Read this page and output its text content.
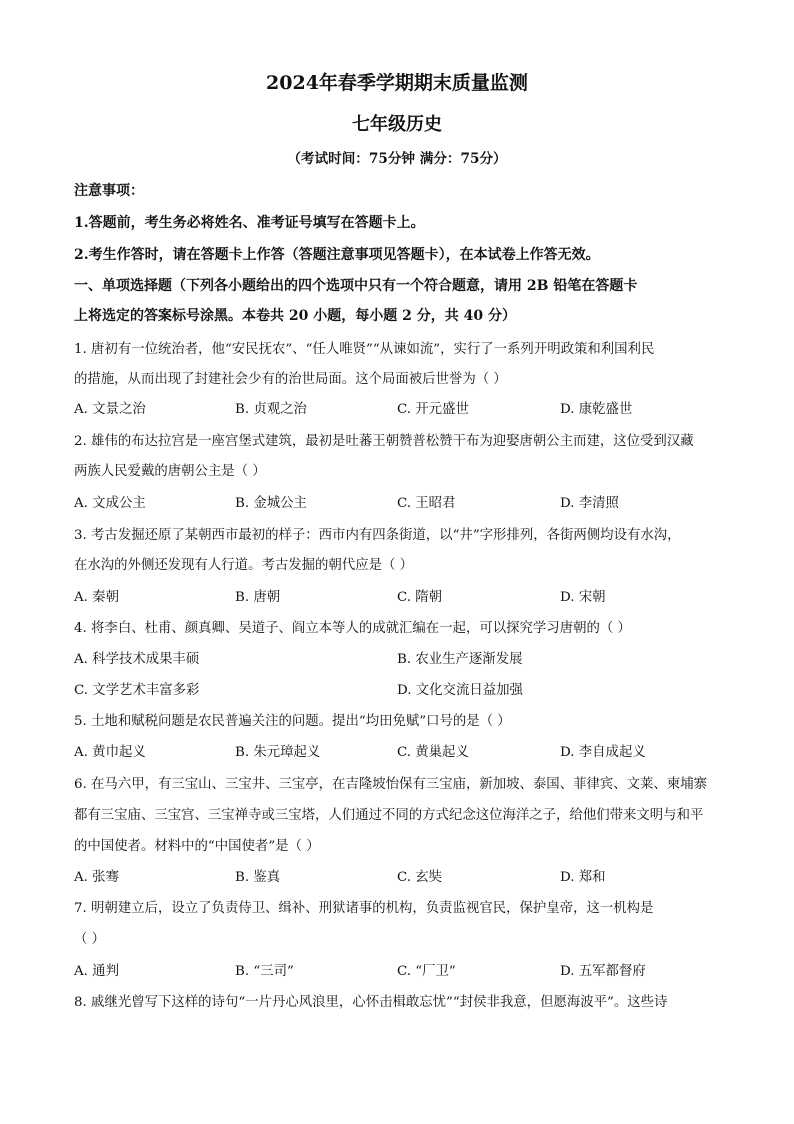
2024年春季学期期末质量监测
七年级历史
（考试时间：75分钟 满分：75分）
注意事项：
1.答题前，考生务必将姓名、准考证号填写在答题卡上。
2.考生作答时，请在答题卡上作答（答题注意事项见答题卡），在本试卷上作答无效。
一、单项选择题（下列各小题给出的四个选项中只有一个符合题意，请用 2B 铅笔在答题卡
上将选定的答案标号涂黑。本卷共 20 小题，每小题 2 分，共 40 分）
1. 唐初有一位统治者，他“安民抚农”、“任人唯贤”“从谏如流”，实行了一系列开明政策和利国利民
的措施，从而出现了封建社会少有的治世局面。这个局面被后世誉为（ ）
A. 文景之治	B. 贞观之治	C. 开元盛世	D. 康乾盛世
2. 雄伟的布达拉宫是一座宫堡式建筑，最初是吐蕃王朝赞普松赞干布为迎娶唐朝公主而建，这位受到汉藏
两族人民爱戴的唐朝公主是（ ）
A. 文成公主	B. 金城公主	C. 王昭君	D. 李清照
3. 考古发掘还原了某朝西市最初的样子：西市内有四条街道，以“井”字形排列，各街两侧均设有水沟，
在水沟的外侧还发现有人行道。考古发掘的朝代应是（ ）
A. 秦朝	B. 唐朝	C. 隋朝	D. 宋朝
4. 将李白、杜甫、颜真卿、吴道子、阎立本等人的成就汇编在一起，可以探究学习唐朝的（ ）
A. 科学技术成果丰硕	B. 农业生产逐渐发展
C. 文学艺术丰富多彩	D. 文化交流日益加强
5. 土地和赋税问题是农民普遍关注的问题。提出“均田免赋”口号的是（ ）
A. 黄巾起义	B. 朱元璋起义	C. 黄巢起义	D. 李自成起义
6. 在马六甲，有三宝山、三宝井、三宝亭，在吉隆坡怡保有三宝庙，新加坡、泰国、菲律宾、文莱、柬埔寨
都有三宝庙、三宝宫、三宝禅寺或三宝塔，人们通过不同的方式纪念这位海洋之子，给他们带来文明与和平
的中国使者。材料中的“中国使者”是（ ）
A. 张骞	B. 鉴真	C. 玄奘	D. 郑和
7. 明朝建立后，设立了负责侍卫、缉补、刑狱诸事的机构，负责监视官民，保护皇帝，这一机构是
（ ）
A. 通判	B. “三司”	C. “厂卫”	D. 五军都督府
8. 戚继光曾写下这样的诗句“一片丹心风浪里，心怀击楫敢忘忧”“封侯非我意，但愿海波平”。这些诗
